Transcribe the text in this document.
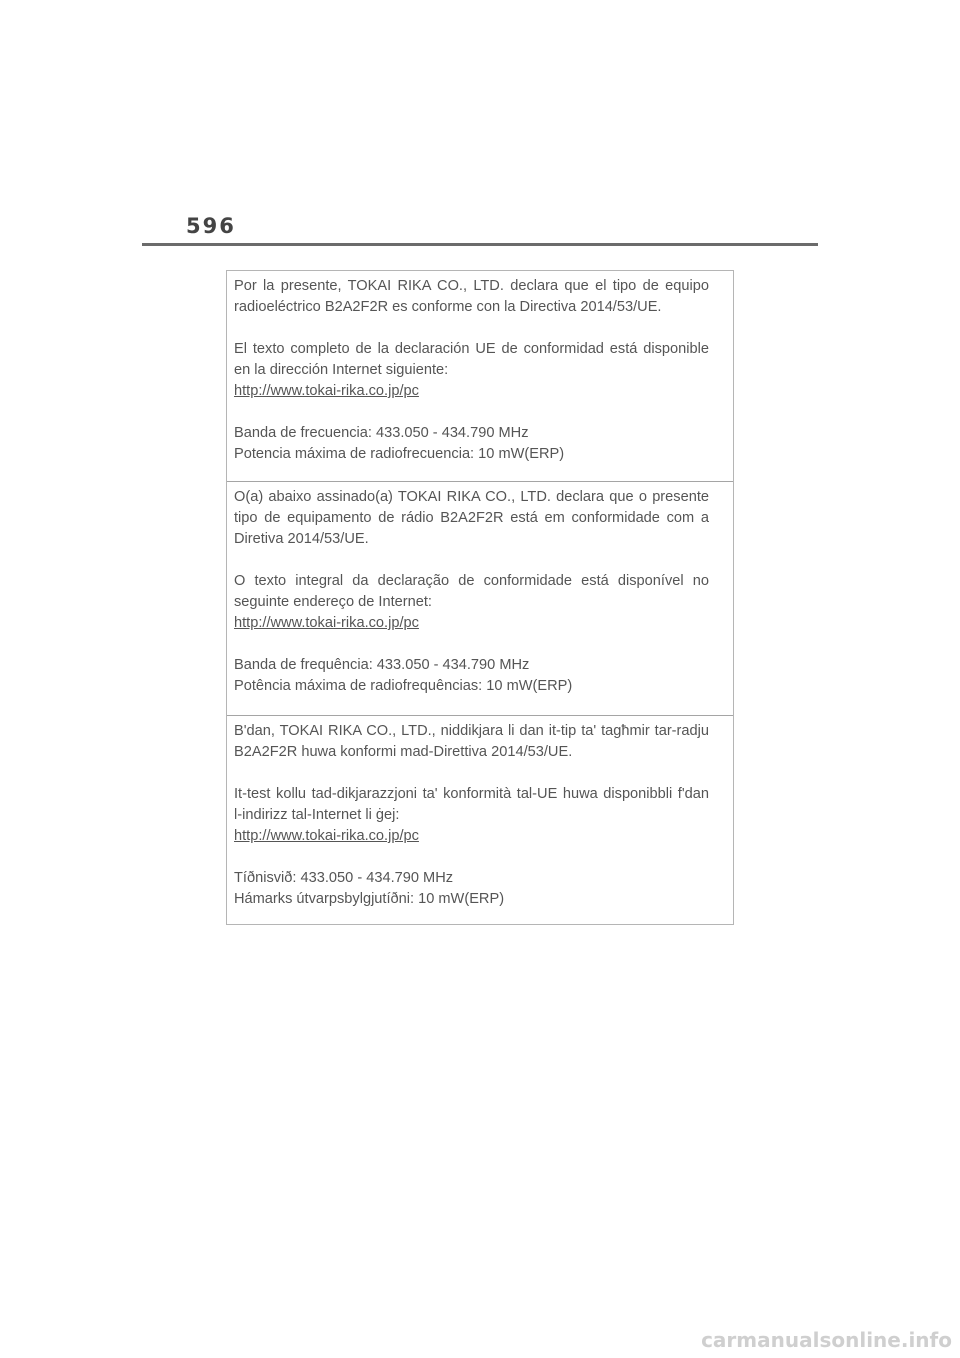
596

Por la presente, TOKAI RIKA CO., LTD. declara que el tipo de equipo radioeléctrico B2A2F2R es conforme con la Directiva 2014/53/UE.

El texto completo de la declaración UE de conformidad está disponible en la dirección Internet siguiente:
http://www.tokai-rika.co.jp/pc

Banda de frecuencia: 433.050 - 434.790 MHz
Potencia máxima de radiofrecuencia: 10 mW(ERP)

O(a) abaixo assinado(a) TOKAI RIKA CO., LTD. declara que o presente tipo de equipamento de rádio B2A2F2R está em conformidade com a Diretiva 2014/53/UE.

O texto integral da declaração de conformidade está disponível no seguinte endereço de Internet:
http://www.tokai-rika.co.jp/pc

Banda de frequência: 433.050 - 434.790 MHz
Potência máxima de radiofrequências: 10 mW(ERP)

B'dan, TOKAI RIKA CO., LTD., niddikjara li dan it-tip ta' tagħmir tar-radju B2A2F2R huwa konformi mad-Direttiva 2014/53/UE.

It-test kollu tad-dikjarazzjoni ta' konformità tal-UE huwa disponibbli f'dan l-indirizz tal-Internet li ġej:
http://www.tokai-rika.co.jp/pc

Tíðnisvið: 433.050 - 434.790 MHz
Hámarks útvarpsbylgjutíðni: 10 mW(ERP)

carmanualsonline.info
